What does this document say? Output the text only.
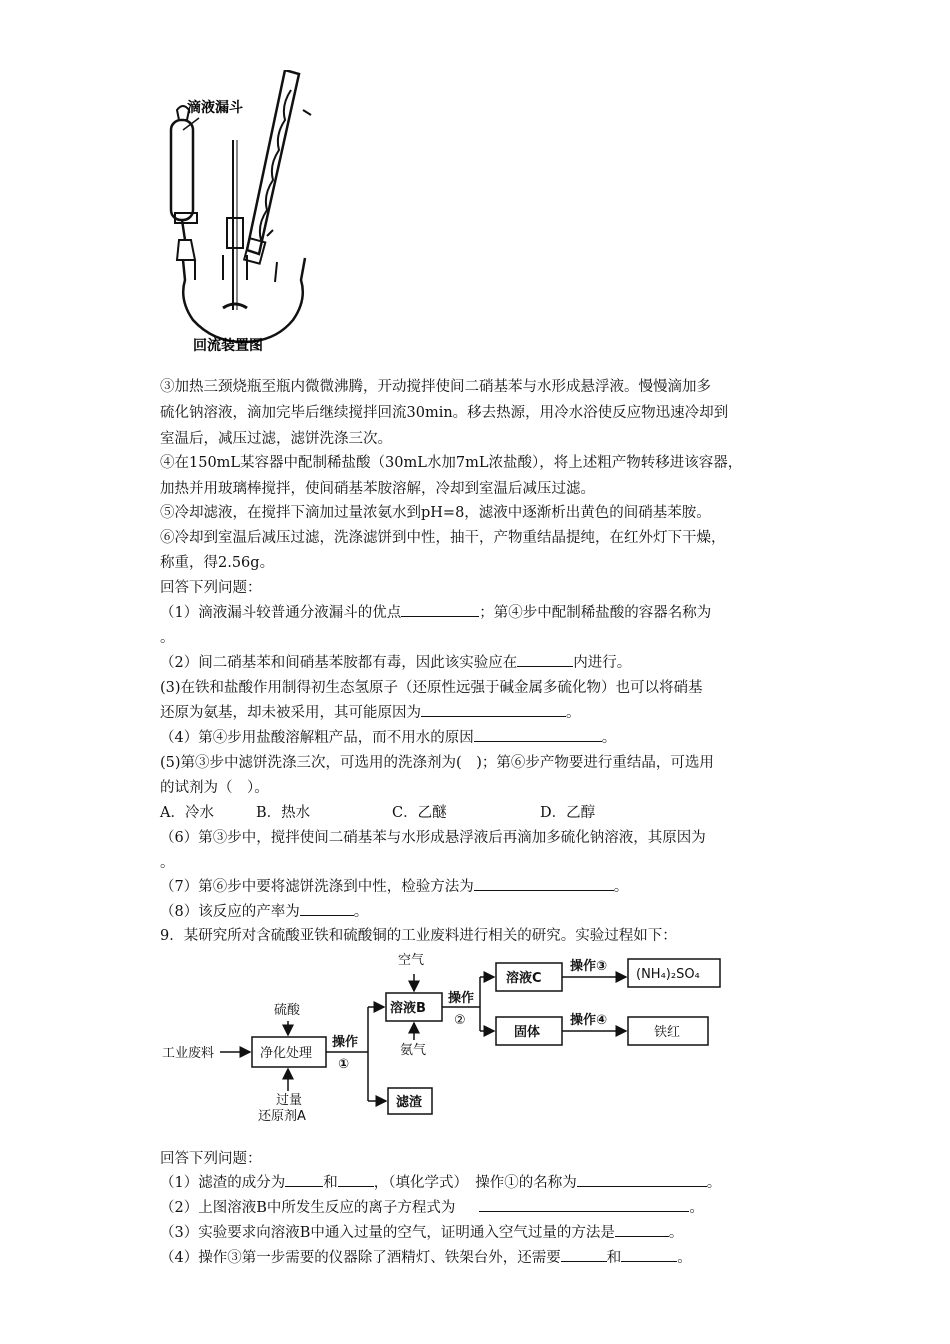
滴液漏斗
回流装置图
③加热三颈烧瓶至瓶内微微沸腾，开动搅拌使间二硝基苯与水形成悬浮液。慢慢滴加多
硫化钠溶液，滴加完毕后继续搅拌回流30min。移去热源，用冷水浴使反应物迅速冷却到
室温后，减压过滤，滤饼洗涤三次。
④在150mL某容器中配制稀盐酸（30mL水加7mL浓盐酸），将上述粗产物转移进该容器，
加热并用玻璃棒搅拌，使间硝基苯胺溶解，冷却到室温后减压过滤。
⑤冷却滤液，在搅拌下滴加过量浓氨水到pH=8，滤液中逐渐析出黄色的间硝基苯胺。
⑥冷却到室温后减压过滤，洗涤滤饼到中性，抽干，产物重结晶提纯，在红外灯下干燥，
称重，得2.56g。
回答下列问题：
（1）滴液漏斗较普通分液漏斗的优点	；第④步中配制稀盐酸的容器名称为
。
（2）间二硝基苯和间硝基苯胺都有毒，因此该实验应在	内进行。
(3)在铁和盐酸作用制得初生态氢原子（还原性远强于碱金属多硫化物）也可以将硝基
还原为氨基，却未被采用，其可能原因为	。
（4）第④步用盐酸溶解粗产品，而不用水的原因	。
(5)第③步中滤饼洗涤三次，可选用的洗涤剂为(　)；第⑥步产物要进行重结晶，可选用
的试剂为（　）。
A．冷水	B．热水	C．乙醚	D．乙醇
（6）第③步中，搅拌使间二硝基苯与水形成悬浮液后再滴加多硫化钠溶液，其原因为
。
（7）第⑥步中要将滤饼洗涤到中性，检验方法为	。
（8）该反应的产率为	。
9．某研究所对含硫酸亚铁和硫酸铜的工业废料进行相关的研究。实验过程如下：
空气
硫酸
工业废料	净化处理
操作
①
过量
还原剂A
溶液B
氨气
滤渣
操作
②
溶液C
固体
操作③
操作④
(NH₄)₂SO₄
铁红
回答下列问题：
（1）滤渣的成分为	和 ，（填化学式）　操作①的名称为	。
（2）上图溶液B中所发生反应的离子方程式为	。
（3）实验要求向溶液B中通入过量的空气，证明通入空气过量的方法是	。
（4）操作③第一步需要的仪器除了酒精灯、铁架台外，还需要	和	。
